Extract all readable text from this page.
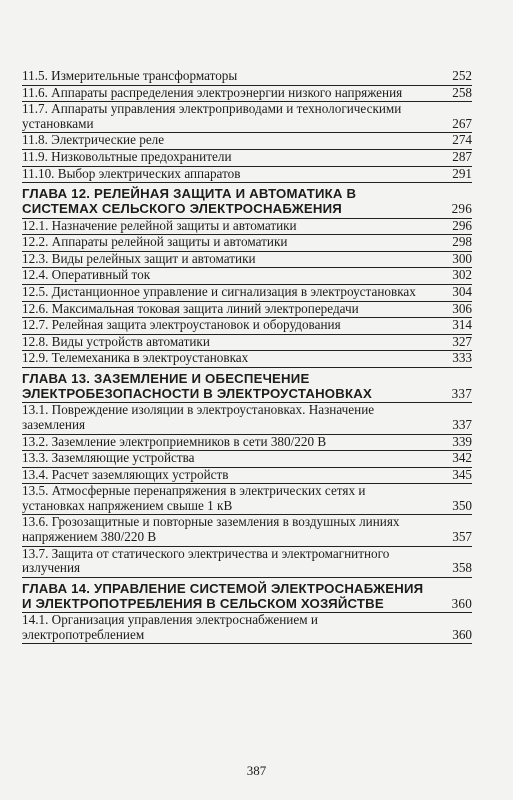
11.5. Измерительные трансформаторы	252
11.6. Аппараты распределения электроэнергии низкого напряжения	258
11.7. Аппараты управления электроприводами и технологическими установками	267
11.8. Электрические реле	274
11.9. Низковольтные предохранители	287
11.10. Выбор электрических аппаратов	291
ГЛАВА 12. РЕЛЕЙНАЯ ЗАЩИТА И АВТОМАТИКА В СИСТЕМАХ СЕЛЬСКОГО ЭЛЕКТРОСНАБЖЕНИЯ	296
12.1. Назначение релейной защиты и автоматики	296
12.2. Аппараты релейной защиты и автоматики	298
12.3. Виды релейных защит и автоматики	300
12.4. Оперативный ток	302
12.5. Дистанционное управление и сигнализация в электроустановках	304
12.6. Максимальная токовая защита линий электропередачи	306
12.7. Релейная защита электроустановок и оборудования	314
12.8. Виды устройств автоматики	327
12.9. Телемеханика в электроустановках	333
ГЛАВА 13. ЗАЗЕМЛЕНИЕ И ОБЕСПЕЧЕНИЕ ЭЛЕКТРОБЕЗОПАСНОСТИ В ЭЛЕКТРОУСТАНОВКАХ	337
13.1. Повреждение изоляции в электроустановках. Назначение заземления	337
13.2. Заземление электроприемников в сети 380/220 В	339
13.3. Заземляющие устройства	342
13.4. Расчет заземляющих устройств	345
13.5. Атмосферные перенапряжения в электрических сетях и установках напряжением свыше 1 кВ	350
13.6. Грозозащитные и повторные заземления в воздушных линиях напряжением 380/220 В	357
13.7. Защита от статического электричества и электромагнитного излучения	358
ГЛАВА 14. УПРАВЛЕНИЕ СИСТЕМОЙ ЭЛЕКТРОСНАБЖЕНИЯ И ЭЛЕКТРОПОТРЕБЛЕНИЯ В СЕЛЬСКОМ ХОЗЯЙСТВЕ	360
14.1. Организация управления электроснабжением и электропотреблением	360
387
